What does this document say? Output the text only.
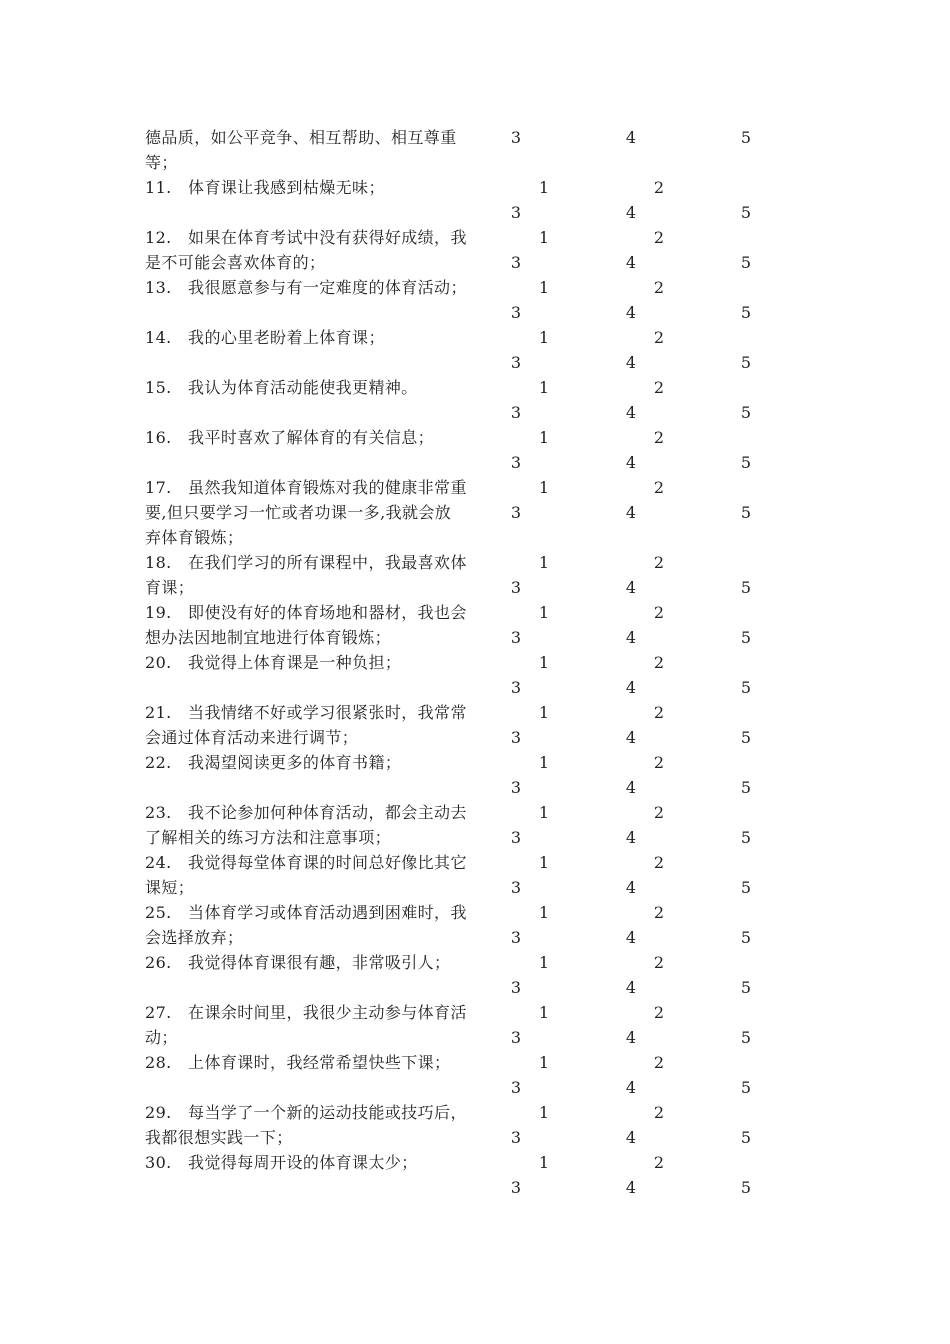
德品质，如公平竞争、相互帮助、相互尊重
等；
3	4	5
11.　体育课让我感到枯燥无味；	1	2
3	4	5
12.　如果在体育考试中没有获得好成绩，我
是不可能会喜欢体育的；
1	2
3	4	5
13.　我很愿意参与有一定难度的体育活动；	1	2
3	4	5
14.　我的心里老盼着上体育课；	1	2
3	4	5
15.　我认为体育活动能使我更精神。	1	2
3	4	5
16.　我平时喜欢了解体育的有关信息；	1	2
3	4	5
17.　虽然我知道体育锻炼对我的健康非常重
要,但只要学习一忙或者功课一多,我就会放
弃体育锻炼；
1	2
3	4	5
18.　在我们学习的所有课程中，我最喜欢体
育课；
1	2
3	4	5
19.　即使没有好的体育场地和器材，我也会
想办法因地制宜地进行体育锻炼；
1	2
3	4	5
20.　我觉得上体育课是一种负担；	1	2
3	4	5
21.　当我情绪不好或学习很紧张时，我常常
会通过体育活动来进行调节；
1	2
3	4	5
22.　我渴望阅读更多的体育书籍；	1	2
3	4	5
23.　我不论参加何种体育活动，都会主动去
了解相关的练习方法和注意事项；
1	2
3	4	5
24.　我觉得每堂体育课的时间总好像比其它
课短；
1	2
3	4	5
25.　当体育学习或体育活动遇到困难时，我
会选择放弃；
1	2
3	4	5
26.　我觉得体育课很有趣，非常吸引人；	1	2
3	4	5
27.　在课余时间里，我很少主动参与体育活
动；
1	2
3	4	5
28.　上体育课时，我经常希望快些下课；	1	2
3	4	5
29.　每当学了一个新的运动技能或技巧后，
我都很想实践一下；
1	2
3	4	5
30.　我觉得每周开设的体育课太少；	1	2
3	4	5
